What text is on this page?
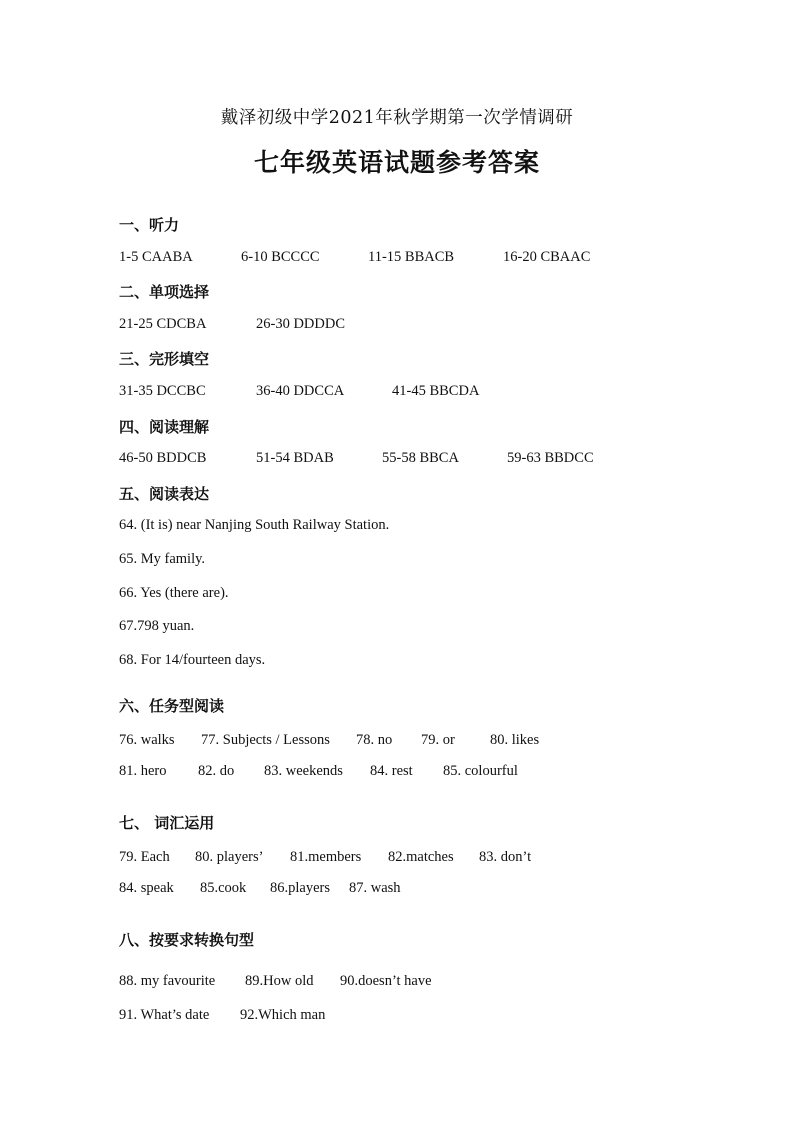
戴泽初级中学2021年秋学期第一次学情调研
七年级英语试题参考答案
一、听力
1-5 CAABA	6-10 BCCCC	11-15 BBACB	16-20 CBAAC
二、单项选择
21-25 CDCBA	26-30 DDDDC
三、完形填空
31-35 DCCBC	36-40 DDCCA	41-45 BBCDA
四、阅读理解
46-50 BDDCB	51-54 BDAB	55-58 BBCA	59-63 BBDCC
五、阅读表达
64. (It is) near Nanjing South Railway Station.
65. My family.
66. Yes (there are).
67.798 yuan.
68. For 14/fourteen days.
六、任务型阅读
76. walks 77. Subjects / Lessons 78. no 79. or 80. likes
81. hero 82. do 83. weekends 84. rest 85. colourful
七、 词汇运用
79. Each 80. players’ 81.members 82.matches 83. don’t
84. speak 85.cook 86.players 87. wash
八、按要求转换句型
88. my favourite 89.How old 90.doesn’t have
91. What’s date 92.Which man
